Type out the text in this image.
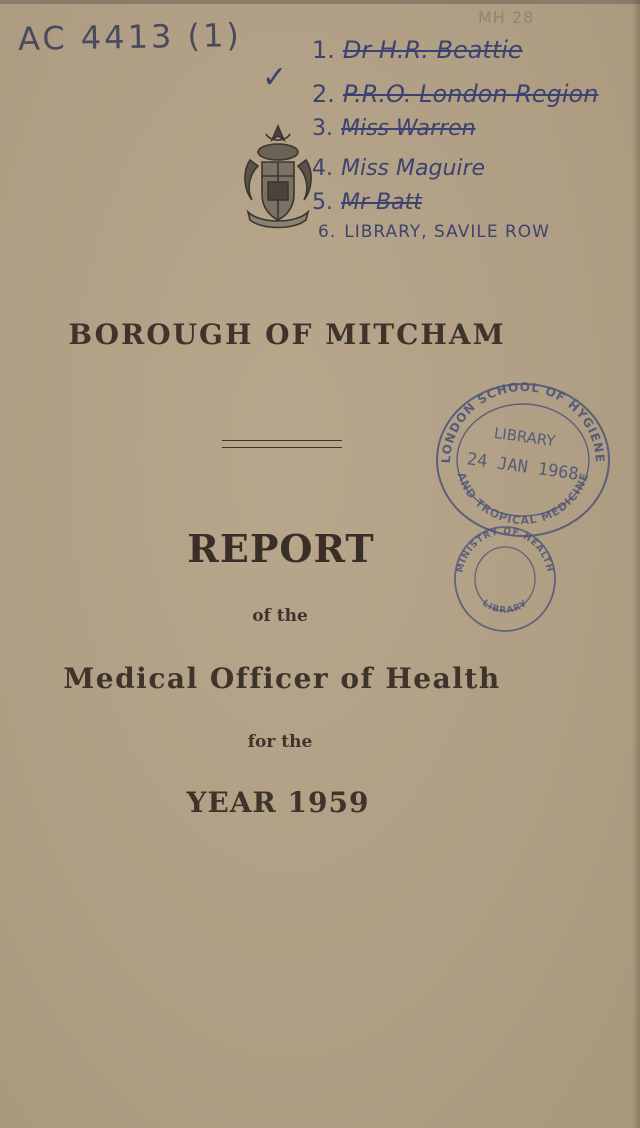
AC 4413 (1)	MH 28
✓
1. Dr H.R. Beattie
2. P.R.O. London Region
3. Miss Warren
4. Miss Maguire
5. Mr Batt
6. LIBRARY, SAVILE ROW
BOROUGH OF MITCHAM
REPORT
of the
Medical Officer of Health
for the
YEAR 1959
LONDON SCHOOL OF HYGIENE
AND TROPICAL MEDICINE
LIBRARY
24 JAN 1968
MINISTRY OF HEALTH
LIBRARY
